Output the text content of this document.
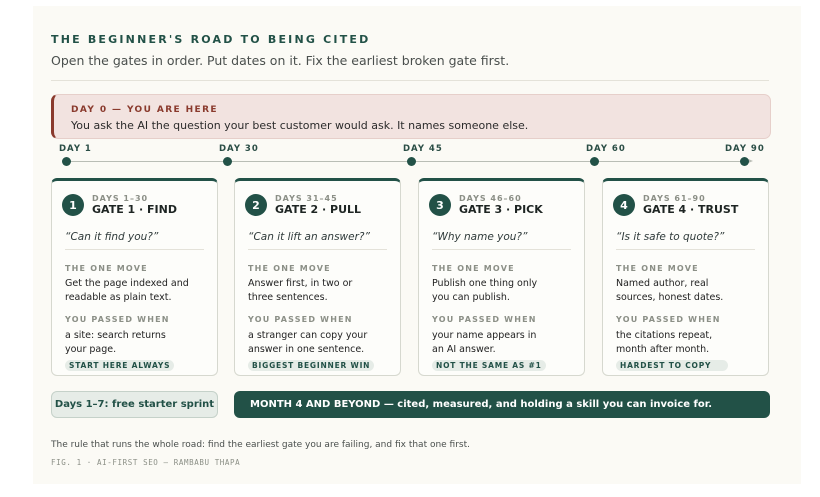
THE BEGINNER'S ROAD TO BEING CITED
Open the gates in order. Put dates on it. Fix the earliest broken gate first.
DAY 0 — YOU ARE HERE
You ask the AI the question your best customer would ask. It names someone else.
DAY 1	DAY 30	DAY 45	DAY 60	DAY 90
1	DAYS 1–30
GATE 1 · FIND
“Can it find you?”
THE ONE MOVE
Get the page indexed and
readable as plain text.
YOU PASSED WHEN
a site: search returns
your page.
START HERE ALWAYS
2	DAYS 31–45
GATE 2 · PULL
“Can it lift an answer?”
THE ONE MOVE
Answer first, in two or
three sentences.
YOU PASSED WHEN
a stranger can copy your
answer in one sentence.
BIGGEST BEGINNER WIN
3	DAYS 46–60
GATE 3 · PICK
“Why name you?”
THE ONE MOVE
Publish one thing only
you can publish.
YOU PASSED WHEN
your name appears in
an AI answer.
NOT THE SAME AS #1
4	DAYS 61–90
GATE 4 · TRUST
“Is it safe to quote?”
THE ONE MOVE
Named author, real
sources, honest dates.
YOU PASSED WHEN
the citations repeat,
month after month.
HARDEST TO COPY
Days 1–7: free starter sprint	MONTH 4 AND BEYOND — cited, measured, and holding a skill you can invoice for.
The rule that runs the whole road: find the earliest gate you are failing, and fix that one first.
FIG. 1 · AI-FIRST SEO — RAMBABU THAPA
